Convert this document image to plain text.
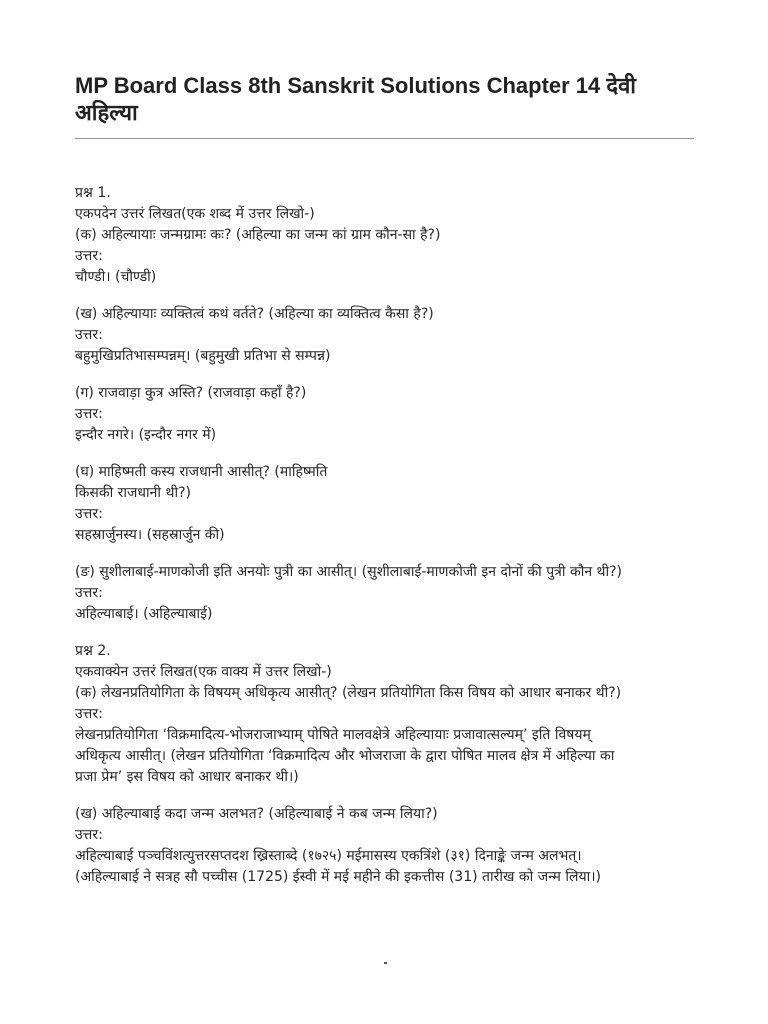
MP Board Class 8th Sanskrit Solutions Chapter 14 देवी
अहिल्या
प्रश्न 1.
एकपदेन उत्तरं लिखत(एक शब्द में उत्तर लिखो-)
(क) अहिल्यायाः जन्मग्रामः कः? (अहिल्या का जन्म कां ग्राम कौन-सा है?)
उत्तर:
चौण्डी। (चौण्डी)
(ख) अहिल्यायाः व्यक्तित्वं कथं वर्तते? (अहिल्या का व्यक्तित्व कैसा है?)
उत्तर:
बहुमुखिप्रतिभासम्पन्नम्। (बहुमुखी प्रतिभा से सम्पन्न)
(ग) राजवाड़ा कुत्र अस्ति? (राजवाड़ा कहाँ है?)
उत्तर:
इन्दौर नगरे। (इन्दौर नगर में)
(घ) माहिष्मती कस्य राजधानी आसीत्? (माहिष्मति
किसकी राजधानी थी?)
उत्तर:
सहस्रार्जुनस्य। (सहस्रार्जुन की)
(ङ) सुशीलाबाई-माणकोजी इति अनयोः पुत्री का आसीत्। (सुशीलाबाई-माणकोजी इन दोनों की पुत्री कौन थी?)
उत्तर:
अहिल्याबाई। (अहिल्याबाई)
प्रश्न 2.
एकवाक्येन उत्तरं लिखत(एक वाक्य में उत्तर लिखो-)
(क) लेखनप्रतियोगिता के विषयम् अधिकृत्य आसीत्? (लेखन प्रतियोगिता किस विषय को आधार बनाकर थी?)
उत्तर:
लेखनप्रतियोगिता ‘विक्रमादित्य-भोजराजाभ्याम् पोषिते मालवक्षेत्रे अहिल्यायाः प्रजावात्सल्यम्’ इति विषयम्
अधिकृत्य आसीत्। (लेखन प्रतियोगिता ‘विक्रमादित्य और भोजराजा के द्वारा पोषित मालव क्षेत्र में अहिल्या का
प्रजा प्रेम’ इस विषय को आधार बनाकर थी।)
(ख) अहिल्याबाई कदा जन्म अलभत? (अहिल्याबाई ने कब जन्म लिया?)
उत्तर:
अहिल्याबाई पञ्चविंशत्युत्तरसप्तदश ख्रिस्ताब्दे (१७२५) मईमासस्य एकत्रिंशे (३१) दिनाङ्के जन्म अलभत्।
(अहिल्याबाई ने सत्रह सौ पच्चीस (1725) ईस्वी में मई महीने की इकत्तीस (31) तारीख को जन्म लिया।)
